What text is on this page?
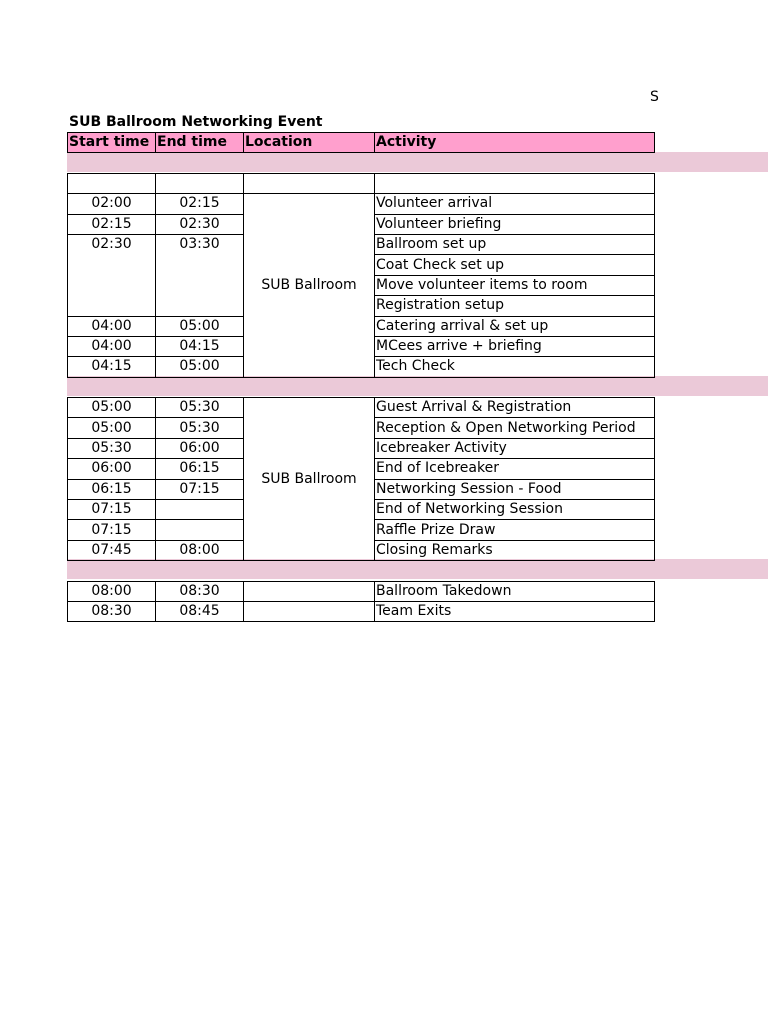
S
SUB Ballroom Networking Event
Start time	End time	Location	Activity

02:00	02:15	SUB Ballroom	Volunteer arrival
02:15	02:30		Volunteer briefing
02:30	03:30		Ballroom set up
			Coat Check set up
			Move volunteer items to room
			Registration setup
04:00	05:00		Catering arrival & set up
04:00	04:15		MCees arrive + briefing
04:15	05:00		Tech Check

05:00	05:30	SUB Ballroom	Guest Arrival & Registration
05:00	05:30		Reception & Open Networking Period
05:30	06:00		Icebreaker Activity
06:00	06:15		End of Icebreaker
06:15	07:15		Networking Session - Food
07:15			End of Networking Session
07:15			Raffle Prize Draw
07:45	08:00		Closing Remarks

08:00	08:30		Ballroom Takedown
08:30	08:45		Team Exits
